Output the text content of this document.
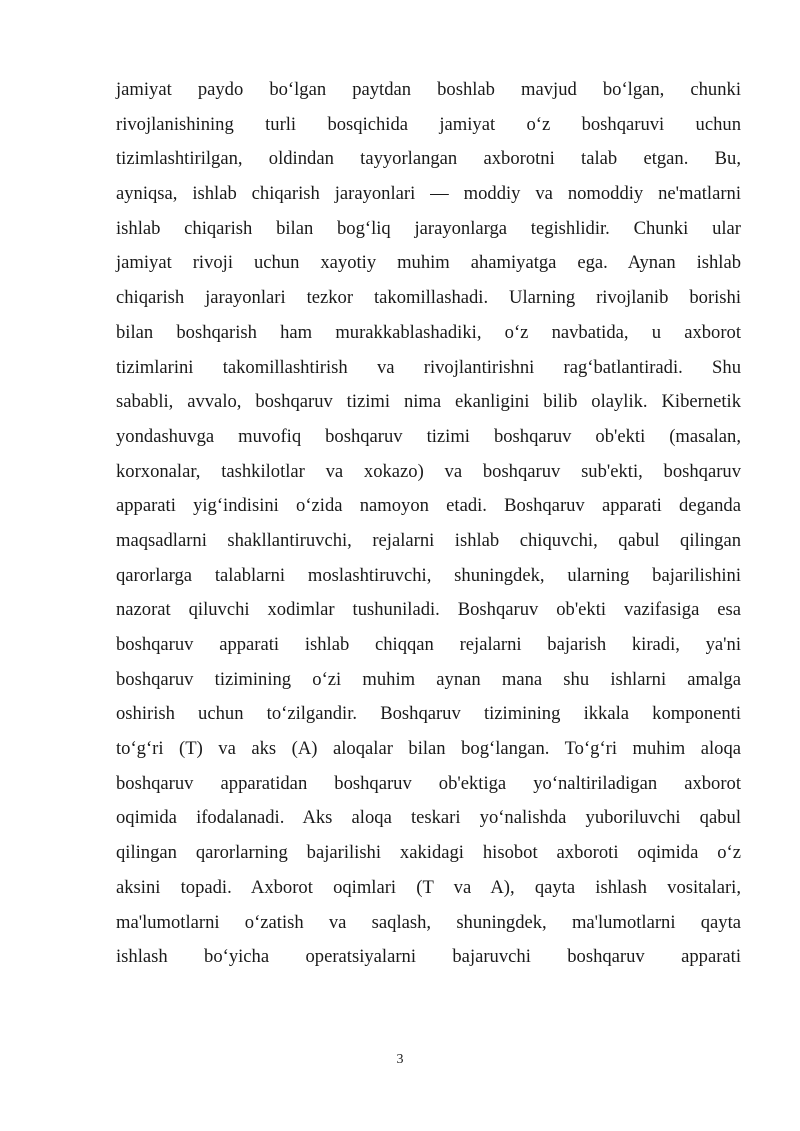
jamiyat paydo bo‘lgan paytdan boshlab mavjud bo‘lgan, chunki
rivojlanishining turli bosqichida jamiyat o‘z boshqaruvi uchun
tizimlashtirilgan, oldindan tayyorlangan axborotni talab etgan. Bu,
ayniqsa, ishlab chiqarish jarayonlari — moddiy va nomoddiy ne'matlarni
ishlab chiqarish bilan bog‘liq jarayonlarga tegishlidir. Chunki ular
jamiyat rivoji uchun xayotiy muhim ahamiyatga ega. Aynan ishlab
chiqarish jarayonlari tezkor takomillashadi. Ularning rivojlanib borishi
bilan boshqarish ham murakkablashadiki, o‘z navbatida, u axborot
tizimlarini takomillashtirish va rivojlantirishni rag‘batlantiradi. Shu
sababli, avvalo, boshqaruv tizimi nima ekanligini bilib olaylik. Kibernetik
yondashuvga muvofiq boshqaruv tizimi boshqaruv ob'ekti (masalan,
korxonalar, tashkilotlar va xokazo) va boshqaruv sub'ekti, boshqaruv
apparati yig‘indisini o‘zida namoyon etadi. Boshqaruv apparati deganda
maqsadlarni shakllantiruvchi, rejalarni ishlab chiquvchi, qabul qilingan
qarorlarga talablarni moslashtiruvchi, shuningdek, ularning bajarilishini
nazorat qiluvchi xodimlar tushuniladi. Boshqaruv ob'ekti vazifasiga esa
boshqaruv apparati ishlab chiqqan rejalarni bajarish kiradi, ya'ni
boshqaruv tizimining o‘zi muhim aynan mana shu ishlarni amalga
oshirish uchun to‘zilgandir. Boshqaruv tizimining ikkala komponenti
to‘g‘ri (T) va aks (A) aloqalar bilan bog‘langan. To‘g‘ri muhim aloqa
boshqaruv apparatidan boshqaruv ob'ektiga yo‘naltiriladigan axborot
oqimida ifodalanadi. Aks aloqa teskari yo‘nalishda yuboriluvchi qabul
qilingan qarorlarning bajarilishi xakidagi hisobot axboroti oqimida o‘z
aksini topadi. Axborot oqimlari (T va A), qayta ishlash vositalari,
ma'lumotlarni o‘zatish va saqlash, shuningdek, ma'lumotlarni qayta
ishlash bo‘yicha operatsiyalarni bajaruvchi boshqaruv apparati
3
